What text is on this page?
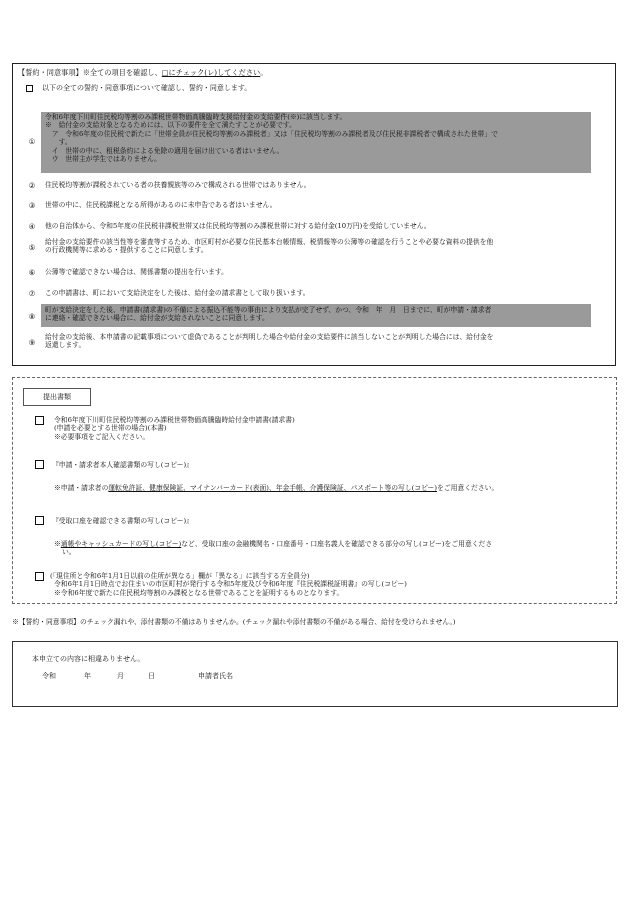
【誓約・同意事項】※全ての項目を確認し、□にチェック(レ)してください。
以下の全ての誓約・同意事項について確認し、誓約・同意します。
①
令和6年度下川町住民税均等割のみ課税世帯物価高騰臨時支援給付金の支給要件(※)に該当します。
※　給付金の支給対象となるためには、以下の要件を全て満たすことが必要です。
　ア　令和6年度の住民税で新たに「世帯全員が住民税均等割のみ課税者」又は「住民税均等割のみ課税者及び住民税非課税者で構成された世帯」で
　　す。
　イ　世帯の中に、租税条約による免除の適用を届け出ている者はいません。
　ウ　世帯主が学生ではありません。
②	住民税均等割が課税されている者の扶養親族等のみで構成される世帯ではありません。
③	世帯の中に、住民税課税となる所得があるのに未申告である者はいません。
④	他の自治体から、令和5年度の住民税非課税世帯又は住民税均等割のみ課税世帯に対する給付金(10万円)を受給していません。
⑤
給付金の支給要件の該当性等を審査等するため、市区町村が必要な住民基本台帳情報、税情報等の公簿等の確認を行うことや必要な資料の提供を他
の行政機関等に求める・提供することに同意します。
⑥	公簿等で確認できない場合は、関係書類の提出を行います。
⑦	この申請書は、町において支給決定をした後は、給付金の請求書として取り扱います。
⑧
町が支給決定をした後、申請書(請求書)の不備による振込不能等の事由により支払が完了せず、かつ、令和　年　月　日までに、町が申請・請求者
に連絡・確認できない場合に、給付金が支給されないことに同意します。
⑨
給付金の支給後、本申請書の記載事項について虚偽であることが判明した場合や給付金の支給要件に該当しないことが判明した場合には、給付金を
返還します。
提出書類
令和6年度下川町住民税均等割のみ課税世帯物価高騰臨時給付金申請書(請求書)
(申請を必要とする世帯の場合)(本書)
※必要事項をご記入ください。
『申請・請求者本人確認書類の写し(コピー)』
※申請・請求者の運転免許証、健康保険証、マイナンバーカード(表面)、年金手帳、介護保険証、パスポート等の写し(コピー)をご用意ください。
『受取口座を確認できる書類の写し(コピー)』
※通帳やキャッシュカードの写し(コピー)など、受取口座の金融機関名・口座番号・口座名義人を確認できる部分の写し(コピー)をご用意くださ
い。
(「現住所と令和6年1月1日以前の住所が異なる」欄が「異なる」に該当する方全員分)
令和6年1月1日時点でお住まいの市区町村が発行する令和5年度及び令和6年度『住民税課税証明書』の写し(コピー)
※令和6年度で新たに住民税均等割のみ課税となる世帯であることを証明するものとなります。
※【誓約・同意事項】のチェック漏れや、添付書類の不備はありませんか。(チェック漏れや添付書類の不備がある場合、給付を受けられません。)
本申立ての内容に相違ありません。
令和	年	月	日	申請者氏名
